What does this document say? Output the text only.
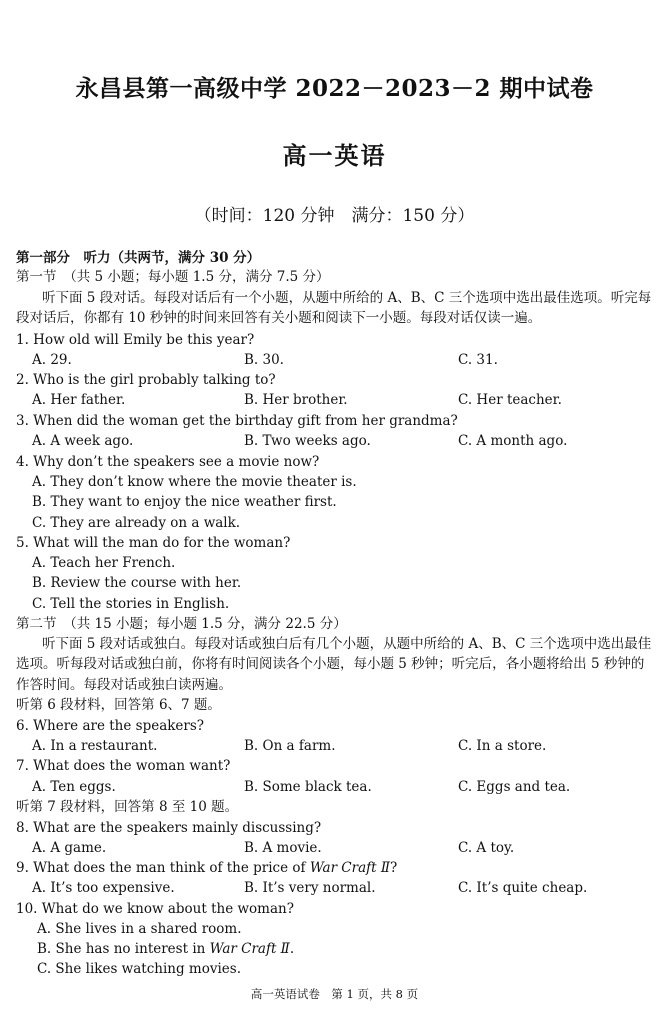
永昌县第一高级中学 2022－2023－2 期中试卷
高一英语
（时间：120 分钟　满分：150 分）
第一部分　听力（共两节，满分 30 分）
第一节　（共 5 小题；每小题 1.5 分，满分 7.5 分）
听下面 5 段对话。每段对话后有一个小题，从题中所给的 A、B、C 三个选项中选出最佳选项。听完每段对话后，你都有 10 秒钟的时间来回答有关小题和阅读下一小题。每段对话仅读一遍。
1. How old will Emily be this year?
A. 29.	B. 30.	C. 31.
2. Who is the girl probably talking to?
A. Her father.	B. Her brother.	C. Her teacher.
3. When did the woman get the birthday gift from her grandma?
A. A week ago.	B. Two weeks ago.	C. A month ago.
4. Why don’t the speakers see a movie now?
A. They don’t know where the movie theater is.
B. They want to enjoy the nice weather first.
C. They are already on a walk.
5. What will the man do for the woman?
A. Teach her French.
B. Review the course with her.
C. Tell the stories in English.
第二节　（共 15 小题；每小题 1.5 分，满分 22.5 分）
听下面 5 段对话或独白。每段对话或独白后有几个小题，从题中所给的 A、B、C 三个选项中选出最佳选项。听每段对话或独白前，你将有时间阅读各个小题，每小题 5 秒钟；听完后，各小题将给出 5 秒钟的作答时间。每段对话或独白读两遍。
听第 6 段材料，回答第 6、7 题。
6. Where are the speakers?
A. In a restaurant.	B. On a farm.	C. In a store.
7. What does the woman want?
A. Ten eggs.	B. Some black tea.	C. Eggs and tea.
听第 7 段材料，回答第 8 至 10 题。
8. What are the speakers mainly discussing?
A. A game.	B. A movie.	C. A toy.
9. What does the man think of the price of War Craft Ⅱ?
A. It’s too expensive.	B. It’s very normal.	C. It’s quite cheap.
10. What do we know about the woman?
A. She lives in a shared room.
B. She has no interest in War Craft Ⅱ.
C. She likes watching movies.
高一英语试卷　第 1 页，共 8 页
